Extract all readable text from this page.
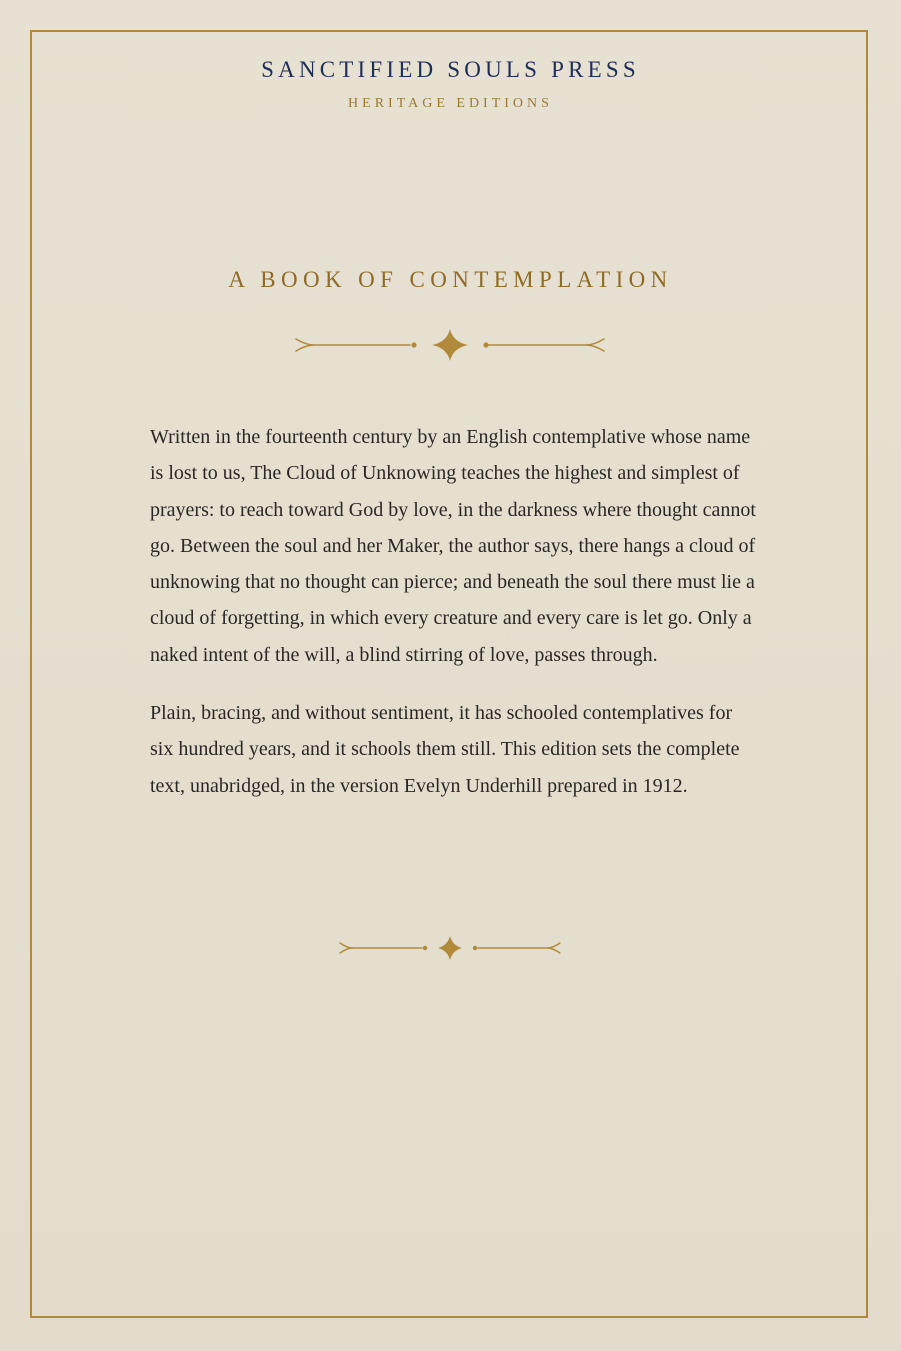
SANCTIFIED SOULS PRESS
HERITAGE EDITIONS
A BOOK OF CONTEMPLATION

Written in the fourteenth century by an English contemplative whose name is lost to us, The Cloud of Unknowing teaches the highest and simplest of prayers: to reach toward God by love, in the darkness where thought cannot go. Between the soul and her Maker, the author says, there hangs a cloud of unknowing that no thought can pierce; and beneath the soul there must lie a cloud of forgetting, in which every creature and every care is let go. Only a naked intent of the will, a blind stirring of love, passes through.

Plain, bracing, and without sentiment, it has schooled contemplatives for six hundred years, and it schools them still. This edition sets the complete text, unabridged, in the version Evelyn Underhill prepared in 1912.
